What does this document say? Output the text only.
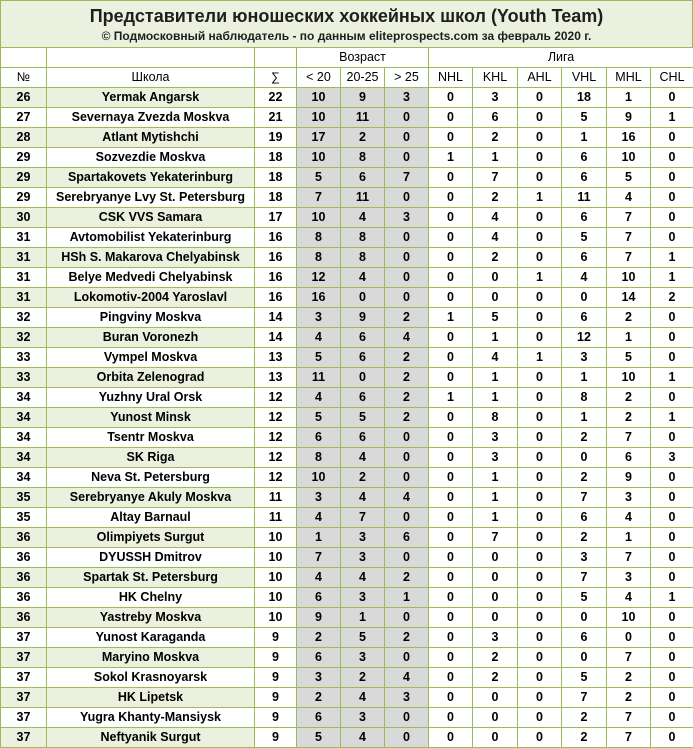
Представители юношеских хоккейных школ (Youth Team)
© Подмосковный наблюдатель - по данным eliteprospects.com за февраль 2020 г.
			Возраст			Лига					
№	Школа	∑	< 20	20-25	> 25	NHL	KHL	AHL	VHL	MHL	CHL
26	Yermak Angarsk	22	10	9	3	0	3	0	18	1	0
27	Severnaya Zvezda Moskva	21	10	11	0	0	6	0	5	9	1
28	Atlant Mytishchi	19	17	2	0	0	2	0	1	16	0
29	Sozvezdie Moskva	18	10	8	0	1	1	0	6	10	0
29	Spartakovets Yekaterinburg	18	5	6	7	0	7	0	6	5	0
29	Serebryanye Lvy St. Petersburg	18	7	11	0	0	2	1	11	4	0
30	CSK VVS Samara	17	10	4	3	0	4	0	6	7	0
31	Avtomobilist Yekaterinburg	16	8	8	0	0	4	0	5	7	0
31	HSh S. Makarova Chelyabinsk	16	8	8	0	0	2	0	6	7	1
31	Belye Medvedi Chelyabinsk	16	12	4	0	0	0	1	4	10	1
31	Lokomotiv-2004 Yaroslavl	16	16	0	0	0	0	0	0	14	2
32	Pingviny Moskva	14	3	9	2	1	5	0	6	2	0
32	Buran Voronezh	14	4	6	4	0	1	0	12	1	0
33	Vympel Moskva	13	5	6	2	0	4	1	3	5	0
33	Orbita Zelenograd	13	11	0	2	0	1	0	1	10	1
34	Yuzhny Ural Orsk	12	4	6	2	1	1	0	8	2	0
34	Yunost Minsk	12	5	5	2	0	8	0	1	2	1
34	Tsentr Moskva	12	6	6	0	0	3	0	2	7	0
34	SK Riga	12	8	4	0	0	3	0	0	6	3
34	Neva St. Petersburg	12	10	2	0	0	1	0	2	9	0
35	Serebryanye Akuly Moskva	11	3	4	4	0	1	0	7	3	0
35	Altay Barnaul	11	4	7	0	0	1	0	6	4	0
36	Olimpiyets Surgut	10	1	3	6	0	7	0	2	1	0
36	DYUSSH Dmitrov	10	7	3	0	0	0	0	3	7	0
36	Spartak St. Petersburg	10	4	4	2	0	0	0	7	3	0
36	HK Chelny	10	6	3	1	0	0	0	5	4	1
36	Yastreby Moskva	10	9	1	0	0	0	0	0	10	0
37	Yunost Karaganda	9	2	5	2	0	3	0	6	0	0
37	Maryino Moskva	9	6	3	0	0	2	0	0	7	0
37	Sokol Krasnoyarsk	9	3	2	4	0	2	0	5	2	0
37	HK Lipetsk	9	2	4	3	0	0	0	7	2	0
37	Yugra Khanty-Mansiysk	9	6	3	0	0	0	0	2	7	0
37	Neftyanik Surgut	9	5	4	0	0	0	0	2	7	0
